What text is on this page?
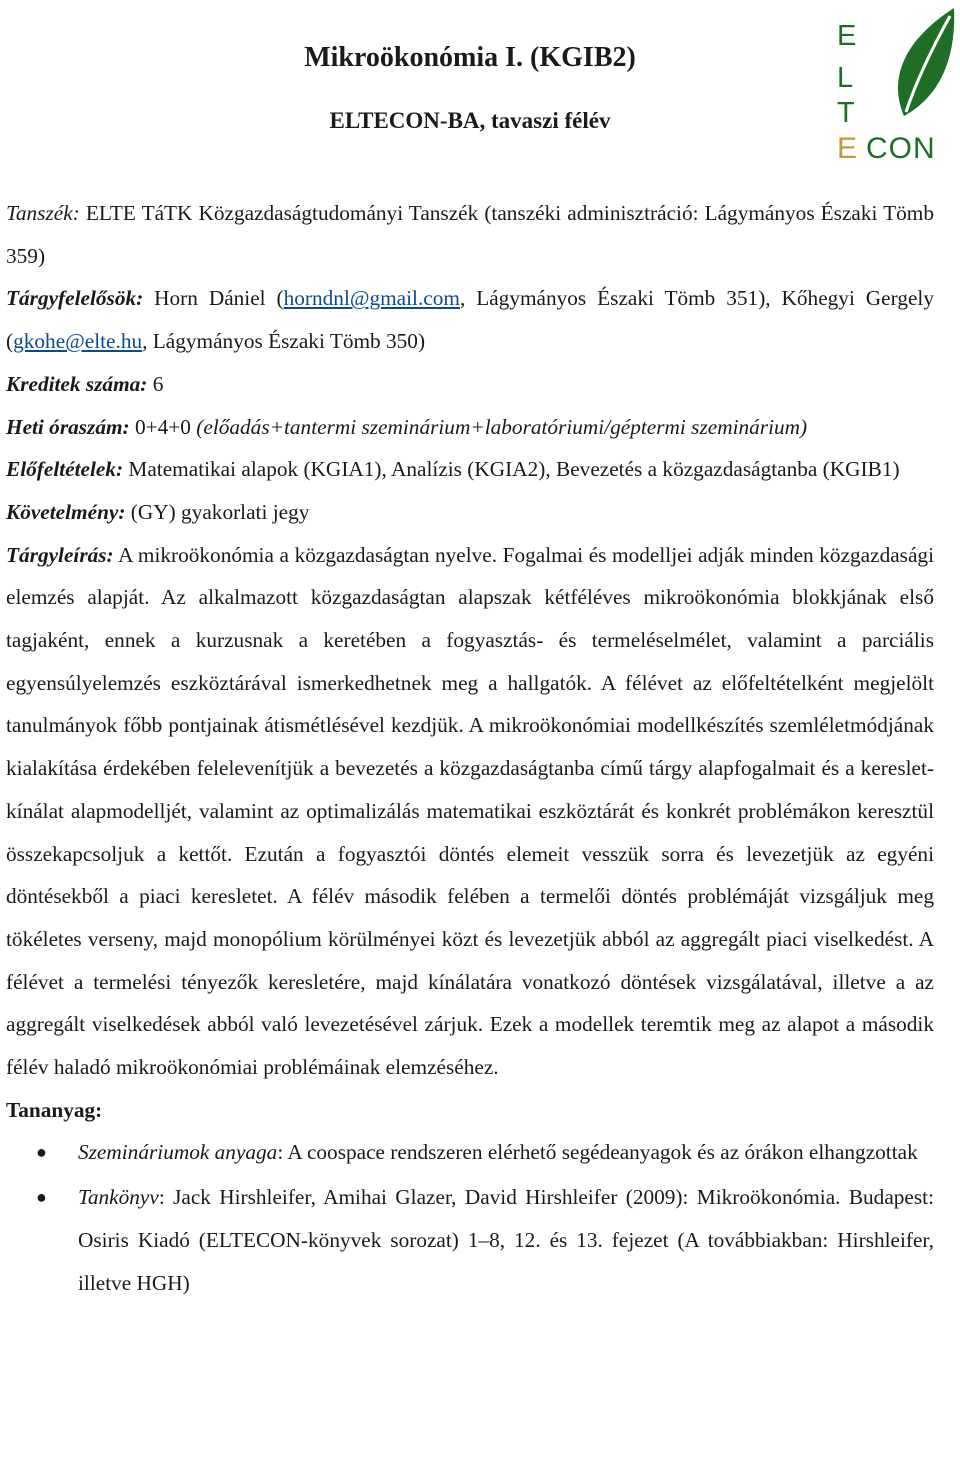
Mikroökonómia I. (KGIB2)
ELTECON-BA, tavaszi félév
E
L
T
E CON

Tanszék: ELTE TáTK Közgazdaságtudományi Tanszék (tanszéki adminisztráció: Lágymányos Északi Tömb 359)

Tárgyfelelősök: Horn Dániel (horndnl@gmail.com, Lágymányos Északi Tömb 351), Kőhegyi Gergely (gkohe@elte.hu, Lágymányos Északi Tömb 350)

Kreditek száma: 6

Heti óraszám: 0+4+0 (előadás+tantermi szeminárium+laboratóriumi/géptermi szeminárium)

Előfeltételek: Matematikai alapok (KGIA1), Analízis (KGIA2), Bevezetés a közgazdaságtanba (KGIB1)

Követelmény: (GY) gyakorlati jegy

Tárgyleírás: A mikroökonómia a közgazdaságtan nyelve. Fogalmai és modelljei adják minden közgazdasági elemzés alapját. Az alkalmazott közgazdaságtan alapszak kétféléves mikroökonómia blokkjának első tagjaként, ennek a kurzusnak a keretében a fogyasztás- és termeléselmélet, valamint a parciális egyensúlyelemzés eszköztárával ismerkedhetnek meg a hallgatók. A félévet az előfeltételként megjelölt tanulmányok főbb pontjainak átismétlésével kezdjük. A mikroökonómiai modellkészítés szemléletmódjának kialakítása érdekében felelevenítjük a bevezetés a közgazdaságtanba című tárgy alapfogalmait és a kereslet-kínálat alapmodelljét, valamint az optimalizálás matematikai eszköztárát és konkrét problémákon keresztül összekapcsoljuk a kettőt. Ezután a fogyasztói döntés elemeit vesszük sorra és levezetjük az egyéni döntésekből a piaci keresletet. A félév második felében a termelői döntés problémáját vizsgáljuk meg tökéletes verseny, majd monopólium körülményei közt és levezetjük abból az aggregált piaci viselkedést. A félévet a termelési tényezők keresletére, majd kínálatára vonatkozó döntések vizsgálatával, illetve a az aggregált viselkedések abból való levezetésével zárjuk. Ezek a modellek teremtik meg az alapot a második félév haladó mikroökonómiai problémáinak elemzéséhez.

Tananyag:

● Szemináriumok anyaga: A coospace rendszeren elérhető segédeanyagok és az órákon elhangzottak
● Tankönyv: Jack Hirshleifer, Amihai Glazer, David Hirshleifer (2009): Mikroökonómia. Budapest: Osiris Kiadó (ELTECON-könyvek sorozat) 1–8, 12. és 13. fejezet (A továbbiakban: Hirshleifer, illetve HGH)
